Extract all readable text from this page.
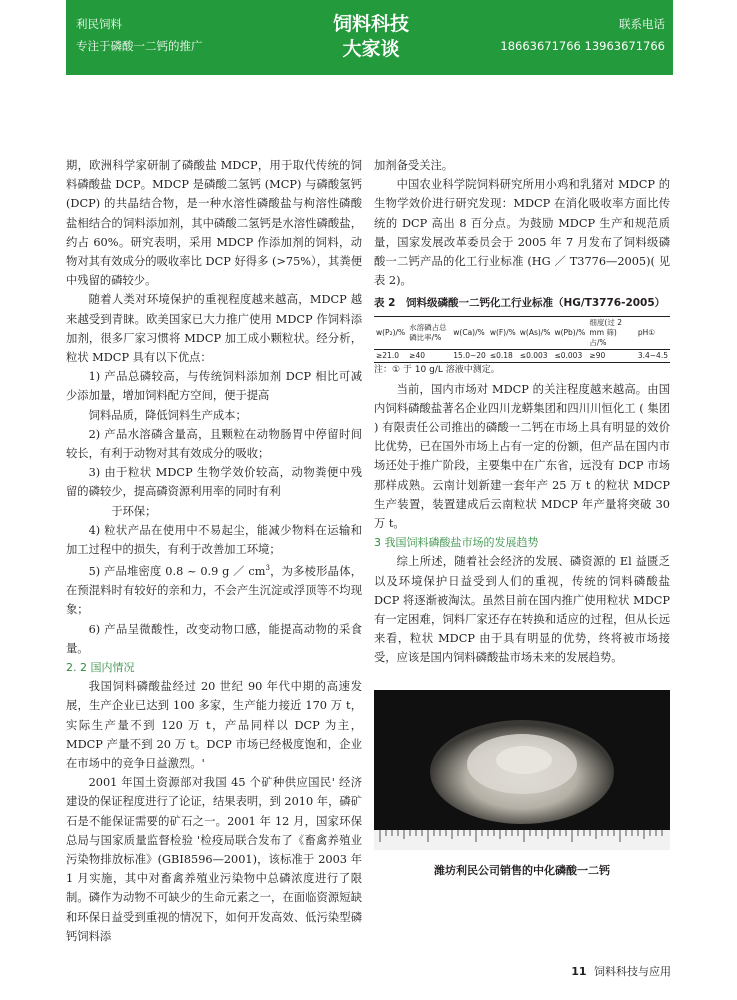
利民饲料
专注于磷酸一二钙的推广
饲料科技
大家谈
联系电话
18663671766 13963671766

期，欧洲科学家研制了磷酸盐 MDCP，用于取代传统的饲料磷酸盐 DCP。MDCP 是磷酸二氢钙 (MCP) 与磷酸氢钙 (DCP) 的共晶结合物，是一种水溶性磷酸盐与枸溶性磷酸盐相结合的饲料添加剂，其中磷酸二氢钙是水溶性磷酸盐，约占 60%。研究表明，采用 MDCP 作添加剂的饲料，动物对其有效成分的吸收率比 DCP 好得多 (>75%），其粪便中残留的磷较少。

随着人类对环境保护的重视程度越来越高，MDCP 越来越受到青睐。欧美国家已大力推广使用 MDCP 作饲料添加剂，很多厂家习惯将 MDCP 加工成小颗粒状。经分析，粒状 MDCP 具有以下优点：

1) 产品总磷较高，与传统饲料添加剂 DCP 相比可减少添加量，增加饲料配方空间，便于提高

饲料品质，降低饲料生产成本；

2) 产品水溶磷含量高，且颗粒在动物肠胃中停留时间较长，有利于动物对其有效成分的吸收；

3) 由于粒状 MDCP 生物学效价较高，动物粪便中残留的磷较少，提高磷资源利用率的同时有利

于环保；

4) 粒状产品在使用中不易起尘，能减少物料在运输和加工过程中的损失，有利于改善加工环境；

5) 产品堆密度 0.8 ~ 0.9 g ／ $cm^3$，为多棱形晶体，在预混料时有较好的亲和力，不会产生沉淀或浮顶等不均现象；

6) 产品呈微酸性，改变动物口感，能提高动物的采食量。

2. 2 国内情况

我国饲料磷酸盐经过 20 世纪 90 年代中期的高速发展，生产企业已达到 100 多家，生产能力接近 170 万 t，实际生产量不到 120 万 t，产品同样以 DCP 为主，MDCP 产量不到 20 万 t。DCP 市场已经极度饱和，企业在市场中的竞争日益激烈。'

2001 年国土资源部对我国 45 个矿种供应国民' 经济建设的保证程度进行了论证，结果表明，到 2010 年，磷矿石是不能保证需要的矿石之一。2001 年 12 月，国家环保总局与国家质量监督检验 '检疫局联合发布了《畜禽养殖业污染物排放标准》(GBI8596—2001)，该标准于 2003 年 1 月实施，其中对畜禽养殖业污染物中总磷浓度进行了限制。磷作为动物不可缺少的生命元素之一，在面临资源短缺和环保日益受到重视的情况下，如何开发高效、低污染型磷钙饲料添

加剂备受关注。

中国农业科学院饲料研究所用小鸡和乳猪对 MDCP 的生物学效价进行研究发现：MDCP 在消化吸收率方面比传统的 DCP 高出 8 百分点。为鼓励 MDCP 生产和规范质量，国家发展改革委员会于 2005 年 7 月发布了饲料级磷酸一二钙产品的化工行业标准 (HG ／ T3776—2005)( 见表 2)。

表 2　饲料级磷酸一二钙化工行业标准（HG/T3776-2005）
w(P₂)/%	水溶磷占总磷比率/%	w(Ca)/%	w(F)/%	w(As)/%	w(Pb)/%	细度(过 2 mm 筛)占/%	pH①
≥21.0	≥40	15.0~20	≤0.18	≤0.003	≤0.003	≥90	3.4~4.5
注：① 于 10 g/L 溶液中测定。

当前，国内市场对 MDCP 的关注程度越来越高。由国内饲料磷酸盐著名企业四川龙蟒集团和四川川恒化工 ( 集团 ) 有限责任公司推出的磷酸一二钙在市场上具有明显的效价比优势，已在国外市场上占有一定的份额，但产品在国内市场还处于推广阶段，主要集中在广东省，远没有 DCP 市场那样成熟。云南计划新建一套年产 25 万 t 的粒状 MDCP 生产装置，装置建成后云南粒状 MDCP 年产量将突破 30 万 t。

3 我国饲料磷酸盐市场的发展趋势

综上所述，随着社会经济的发展、磷资源的 El 益匮乏以及环境保护日益受到人们的重视，传统的饲料磷酸盐 DCP 将逐渐被淘汰。虽然目前在国内推广使用粒状 MDCP 有一定困难，饲料厂家还存在转换和适应的过程，但从长远来看，粒状 MDCP 由于具有明显的优势，终将被市场接受，应该是国内饲料磷酸盐市场未来的发展趋势。

潍坊利民公司销售的中化磷酸一二钙
11 饲料科技与应用
